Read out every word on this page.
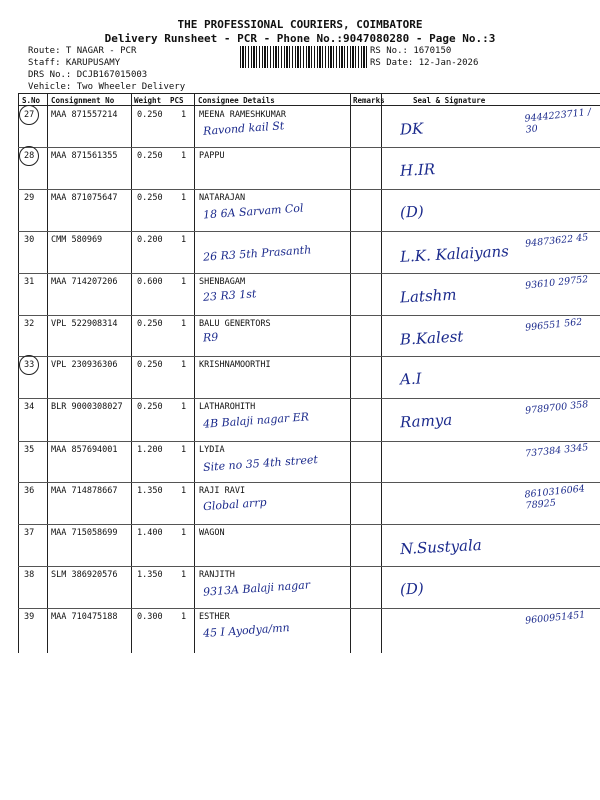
THE PROFESSIONAL COURIERS, COIMBATORE
Delivery Runsheet - PCR - Phone No.:9047080280 - Page No.:3
Route: T NAGAR - PCR
Staff: KARUPUSAMY
DRS No.: DCJB167015003
Vehicle: Two Wheeler Delivery
RS No.: 1670150
RS Date: 12-Jan-2026
S.No Consignment No	Weight PCS Consignee Details	Remarks	Seal & Signature
27 MAA 871557214 0.250 1 MEENA RAMESHKUMAR
Ravond kail St	DK
9444223711 / 30
28 MAA 871561355 0.250 1 PAPPU
H.IR
29 MAA 871075647 0.250 1 NATARAJAN
18 6A Sarvam Col	(D)
30 CMM 580969	0.200 1
26 R3 5th Prasanth	L.K. Kalaiyans
94873622 45
31 MAA 714207206 0.600 1 SHENBAGAM
23 R3 1st	Latshm
93610 29752
32 VPL 522908314 0.250 1 BALU GENERTORS
R9	B.Kalest
996551 562
33 VPL 230936306 0.250 1 KRISHNAMOORTHI
A.I
34 BLR 9000308027 0.250 1 LATHAROHITH
4B Balaji nagar ER	Ramya
9789700 358
35 MAA 857694001 1.200 1 LYDIA
Site no 35 4th street
737384 3345
36 MAA 714878667 1.350 1 RAJI RAVI
Global arrp
8610316064 78925
37 MAA 715058699 1.400 1 WAGON
N.Sustyala
38 SLM 386920576 1.350 1 RANJITH
9313A Balaji nagar	(D)
39 MAA 710475188 0.300 1 ESTHER
45 I Ayodya/mn
9600951451
